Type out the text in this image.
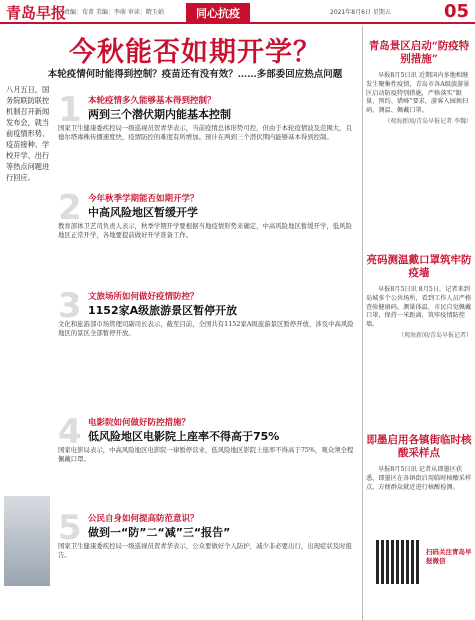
青岛早报
责编：荀菁 美编：李萌 审读：隋玉娟	同心抗疫	2021年8月6日 星期五	05
今秋能否如期开学？
本轮疫情何时能得到控制？疫苗还有没有效？……多部委回应热点问题

八月五日，国务院联防联控机制召开新闻发布会，就当前疫情形势、疫苗接种、学校开学、出行等热点问题进行回应。

1 本轮疫情多久能够基本得到控制？
两到三个潜伏期内能基本控制
国家卫生健康委疾控局一级巡视员贺青华表示，当前疫情总体形势可控，但由于本轮疫情波及范围大，且德尔塔毒株传播速度快，疫情防控的难度有所增加。预计在两到三个潜伏期内能够基本得到控制。
2 今年秋季学期能否如期开学？
中高风险地区暂缓开学
教育部体卫艺司负责人表示，秋季学期开学要根据当地疫情形势来确定，中高风险地区暂缓开学，低风险地区正常开学，各地要提前做好开学准备工作。
3 文旅场所如何做好疫情防控？
1152家A级旅游景区暂停开放
文化和旅游部市场管理司副司长表示，截至目前，全国共有1152家A级旅游景区暂停开放，涉及中高风险地区的景区全部暂停开放。
4 电影院如何做好防控措施？
低风险地区电影院上座率不得高于75%
国家电影局表示，中高风险地区电影院一律暂停营业，低风险地区影院上座率不得高于75%，观众须全程佩戴口罩。
5 公民自身如何提高防范意识？
做到一“防”二“减”三“报告”
国家卫生健康委疾控局一级巡视员贺青华表示，公众要做好个人防护，减少非必要出行，出现症状及时报告。
青岛景区启动“防疫特别措施”
早报8月5日讯 近期国内多地相继发生聚集性疫情，青岛市各A级旅游景区启动防疫特别措施，严格落实“限量、预约、错峰”要求，游客入园须扫码、测温、佩戴口罩。
（观海新闻/青岛早报记者 李魏）
亮码测温戴口罩筑牢防疫墙
早报8月5日讯 8月5日，记者来到岛城多个公共场所，看到工作人员严格查验健康码、测量体温，市民自觉佩戴口罩、保持一米距离，筑牢疫情防控墙。
（观海新闻/青岛早报记者）
即墨启用各镇街临时核酸采样点
早报8月5日讯 记者从即墨区获悉，即墨区在各镇街启用临时核酸采样点，方便群众就近进行核酸检测。
扫码关注青岛早报微信
